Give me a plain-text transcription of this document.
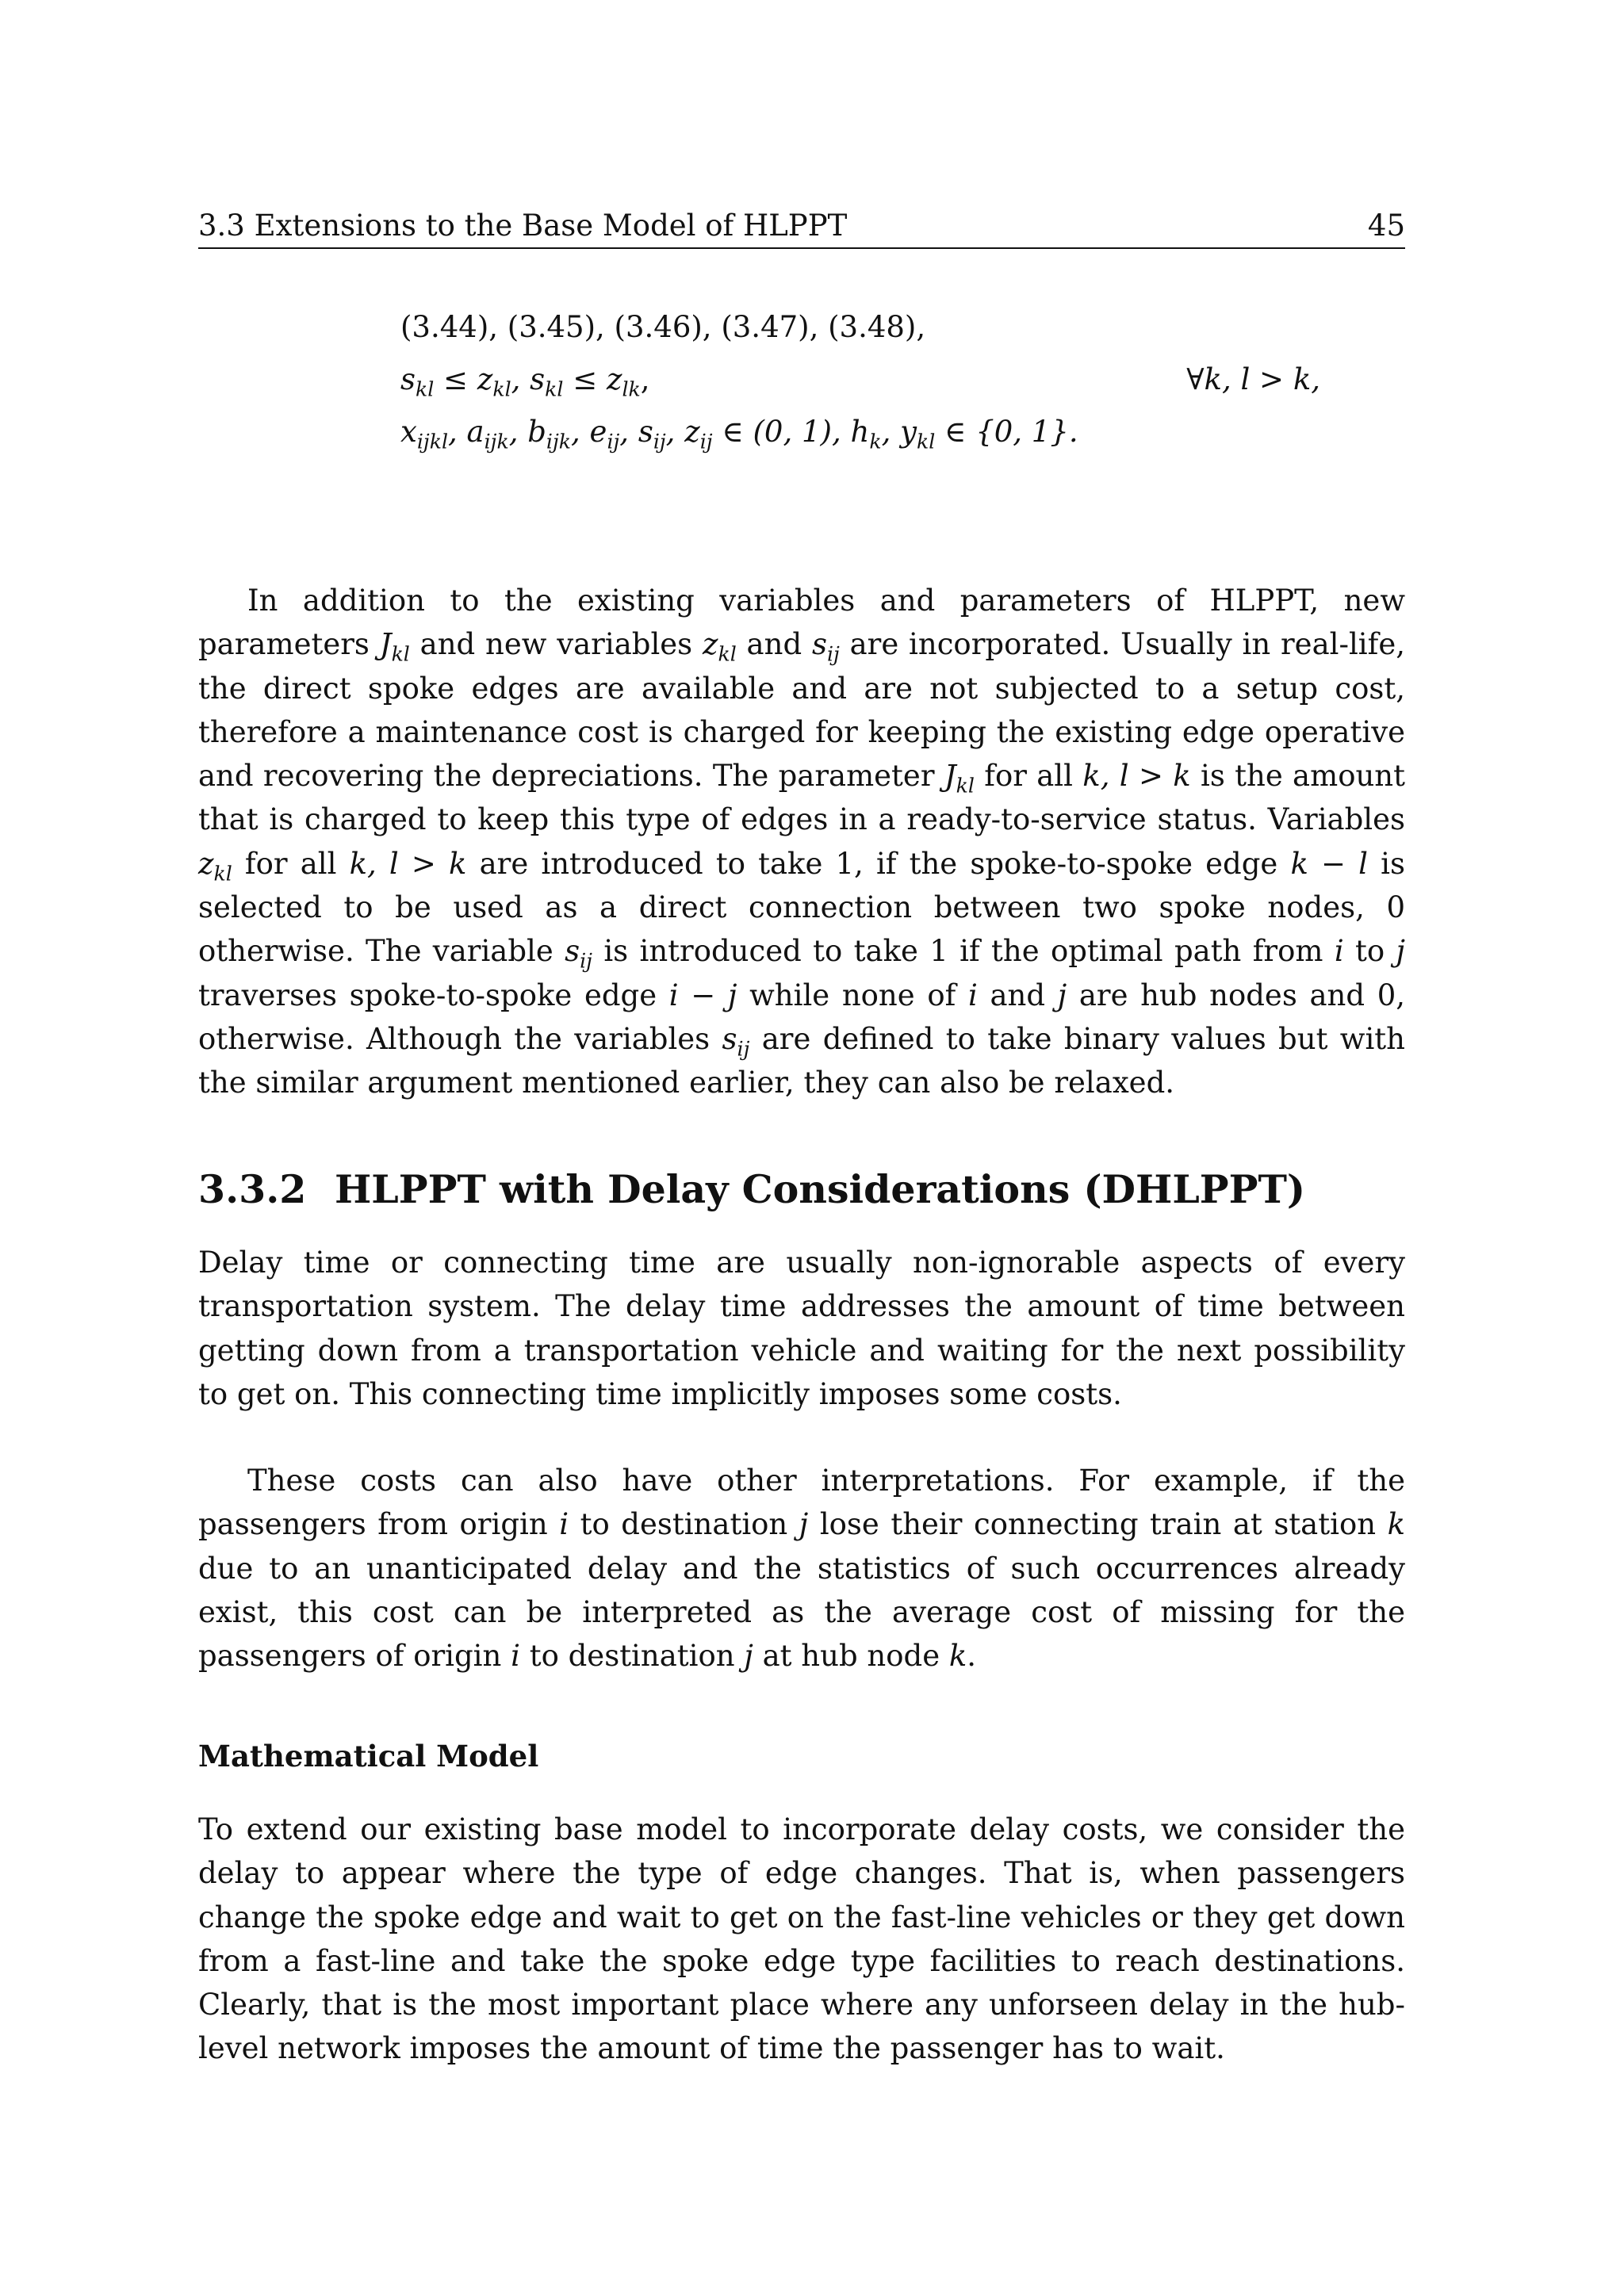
3.3 Extensions to the Base Model of HLPPT	45
(3.44), (3.45), (3.46), (3.47), (3.48),
$s_{kl} \le z_{kl}$, $s_{kl} \le z_{lk}$,	∀k, l > k,
$x_{ijkl}$, $a_{ijk}$, $b_{ijk}$, $e_{ij}$, $s_{ij}$, $z_{ij}$ ∈ (0, 1), $h_k$, $y_{kl}$ ∈ {0, 1}.

In addition to the existing variables and parameters of HLPPT, new parameters $J_{kl}$ and new variables $z_{kl}$ and $s_{ij}$ are incorporated. Usually in real-life, the direct spoke edges are available and are not subjected to a setup cost, therefore a maintenance cost is charged for keeping the existing edge operative and recovering the depreciations. The parameter $J_{kl}$ for all k, l > k is the amount that is charged to keep this type of edges in a ready-to-service status. Variables $z_{kl}$ for all k, l > k are introduced to take 1, if the spoke-to-spoke edge k − l is selected to be used as a direct connection between two spoke nodes, 0 otherwise. The variable $s_{ij}$ is introduced to take 1 if the optimal path from i to j traverses spoke-to-spoke edge i − j while none of i and j are hub nodes and 0, otherwise. Although the variables $s_{ij}$ are defined to take binary values but with the similar argument mentioned earlier, they can also be relaxed.

3.3.2 HLPPT with Delay Considerations (DHLPPT)

Delay time or connecting time are usually non-ignorable aspects of every transportation system. The delay time addresses the amount of time between getting down from a transportation vehicle and waiting for the next possibility to get on. This connecting time implicitly imposes some costs.

These costs can also have other interpretations. For example, if the passengers from origin i to destination j lose their connecting train at station k due to an unanticipated delay and the statistics of such occurrences already exist, this cost can be interpreted as the average cost of missing for the passengers of origin i to destination j at hub node k.

Mathematical Model

To extend our existing base model to incorporate delay costs, we consider the delay to appear where the type of edge changes. That is, when passengers change the spoke edge and wait to get on the fast-line vehicles or they get down from a fast-line and take the spoke edge type facilities to reach destinations. Clearly, that is the most important place where any unforseen delay in the hub-level network imposes the amount of time the passenger has to wait.
